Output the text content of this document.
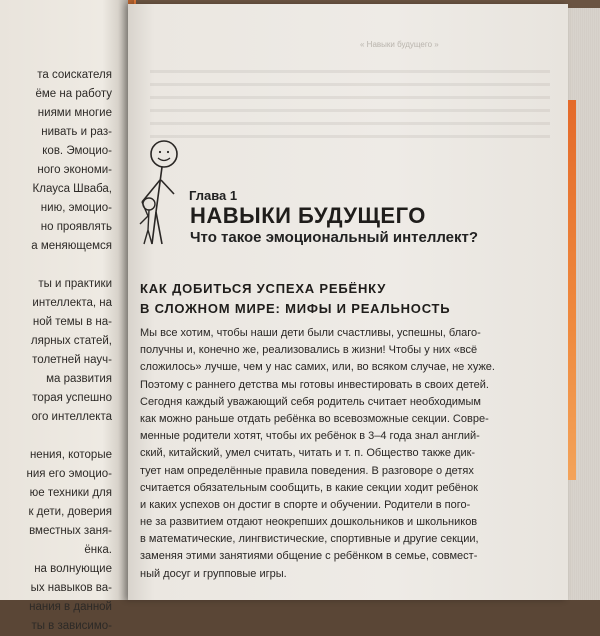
та соискателя
ёме на работу
ниями многие
нивать и раз-
ков. Эмоцио-
ного экономи-
Клауса Шваба,
нию, эмоцио-
но проявлять
а меняющемся
ты и практики
интеллекта, на
ной темы в на-
лярных статей,
толетней науч-
ма развития
торая успешно
ого интеллекта
нения, которые
ния его эмоцио-
юе техники для
к дети, доверия
вместных заня-
ёнка.
на волнующие
ых навыков ва-
нания в данной
ты в зависимо-
« Навыки будущего »
Глава 1
НАВЫКИ БУДУЩЕГО
Что такое эмоциональный интеллект?
КАК ДОБИТЬСЯ УСПЕХА РЕБЁНКУ
В СЛОЖНОМ МИРЕ: МИФЫ И РЕАЛЬНОСТЬ
Мы все хотим, чтобы наши дети были счастливы, успешны, благо-
получны и, конечно же, реализовались в жизни! Чтобы у них «всё
сложилось» лучше, чем у нас самих, или, во всяком случае, не хуже.
Поэтому с раннего детства мы готовы инвестировать в своих детей.
Сегодня каждый уважающий себя родитель считает необходимым
как можно раньше отдать ребёнка во всевозможные секции. Совре-
менные родители хотят, чтобы их ребёнок в 3–4 года знал англий-
ский, китайский, умел считать, читать и т. п. Общество также дик-
тует нам определённые правила поведения. В разговоре о детях
считается обязательным сообщить, в какие секции ходит ребёнок
и каких успехов он достиг в спорте и обучении. Родители в пого-
не за развитием отдают неокрепших дошкольников и школьников
в математические, лингвистические, спортивные и другие секции,
заменяя этими занятиями общение с ребёнком в семье, совмест-
ный досуг и групповые игры.
